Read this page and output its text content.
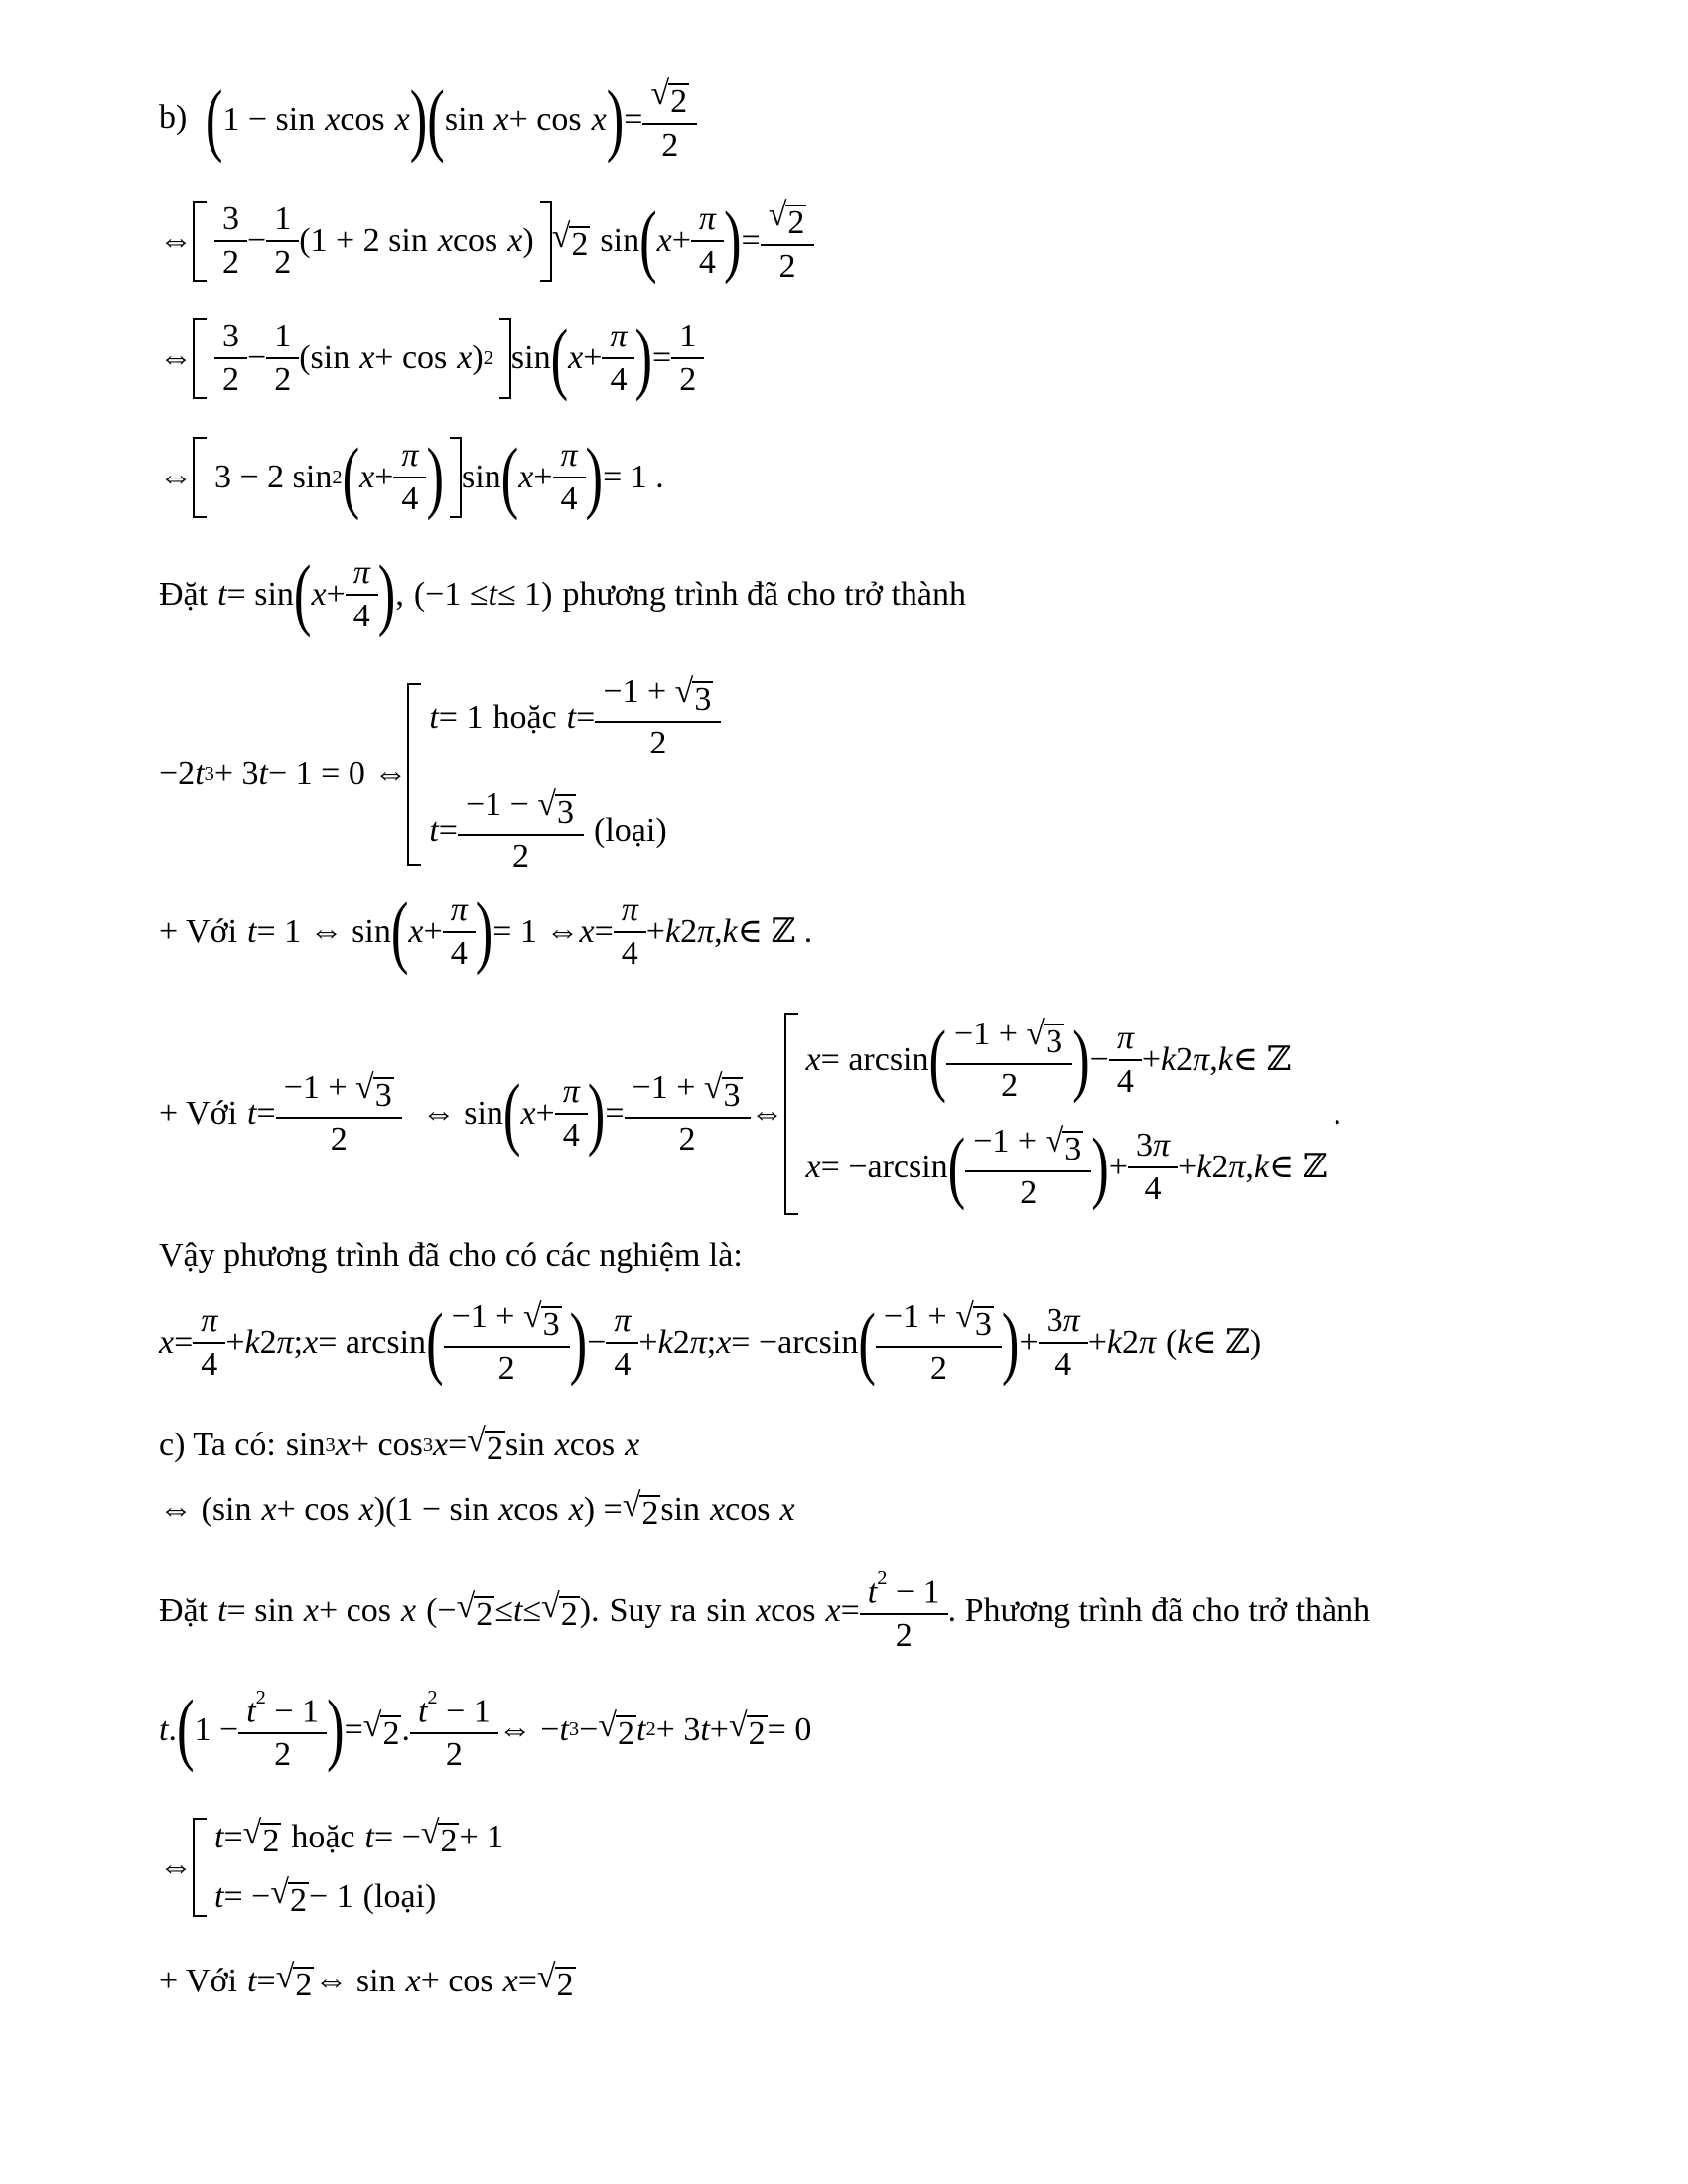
b) ( 1 − sin x cos x ) ( sin x + cos x ) =
√ 2
2
⇔
3
2
−
1
2
(1 + 2 sin x cos x ) √ 2 sin ( x +
π
4 ) =
√ 2
2
⇔
3
2
−
1
2
(sin x + cos x ) 2 sin ( x +
π
4 ) =
1
2
⇔
3 − 2 sin 2 ( x +
π
4 ) sin ( x +
π
4 ) = 1 .
Đặt t = sin ( x +
π
4 ) ,
(−1 ≤ t ≤ 1) phương trình đã cho trở thành
−2 t 3 + 3 t − 1 = 0 ⇔
t = 1 hoặc t =
−1 + √ 3
2
t =
−1 − √ 3
2
(loại)
+ Với t = 1 ⇔ sin ( x +
π
4 ) = 1 ⇔ x =
π
4
+ k 2 π , k ∈ ℤ .
+ Với t =
−1 + √ 3
2
⇔ sin ( x +
π
4 ) =
−1 + √ 3
2
⇔
x = arcsin ( −1 + √ 3
2	) −
π
4
+ k 2 π , k ∈ ℤ
x = −arcsin ( −1 + √ 3
2	) +
3π
4
+ k 2 π , k ∈ ℤ
.
Vậy phương trình đã cho có các nghiệm là:
x =
π
4
+ k 2 π ; x = arcsin ( −1 + √ 3
2	) −
π
4
+ k 2 π ; x = −arcsin ( −1 + √ 3
2	) +
3π
4
+ k 2 π ( k ∈ ℤ)
c) Ta có: sin 3 x + cos 3 x = √ 2 sin x cos x
⇔ (sin x + cos x )(1 − sin x cos x ) = √ 2 sin x cos x
Đặt t = sin x + cos x (− √ 2 ≤ t ≤ √ 2 ). Suy ra sin x $\cos x = t^2 - 1$
2
. Phương trình đã cho trở thành
t . ( $1 - t^2 - 1$
2 ) = √ 2 . $t^2 - 1$
2
⇔ − t 3 − √ 2 t 2 + 3 t + √ 2 = 0
⇔
t = √ 2 hoặc t = − √ 2 + 1
t = − √ 2 − 1 (loại)
+ Với t = √ 2 ⇔ sin x + cos x = √ 2
